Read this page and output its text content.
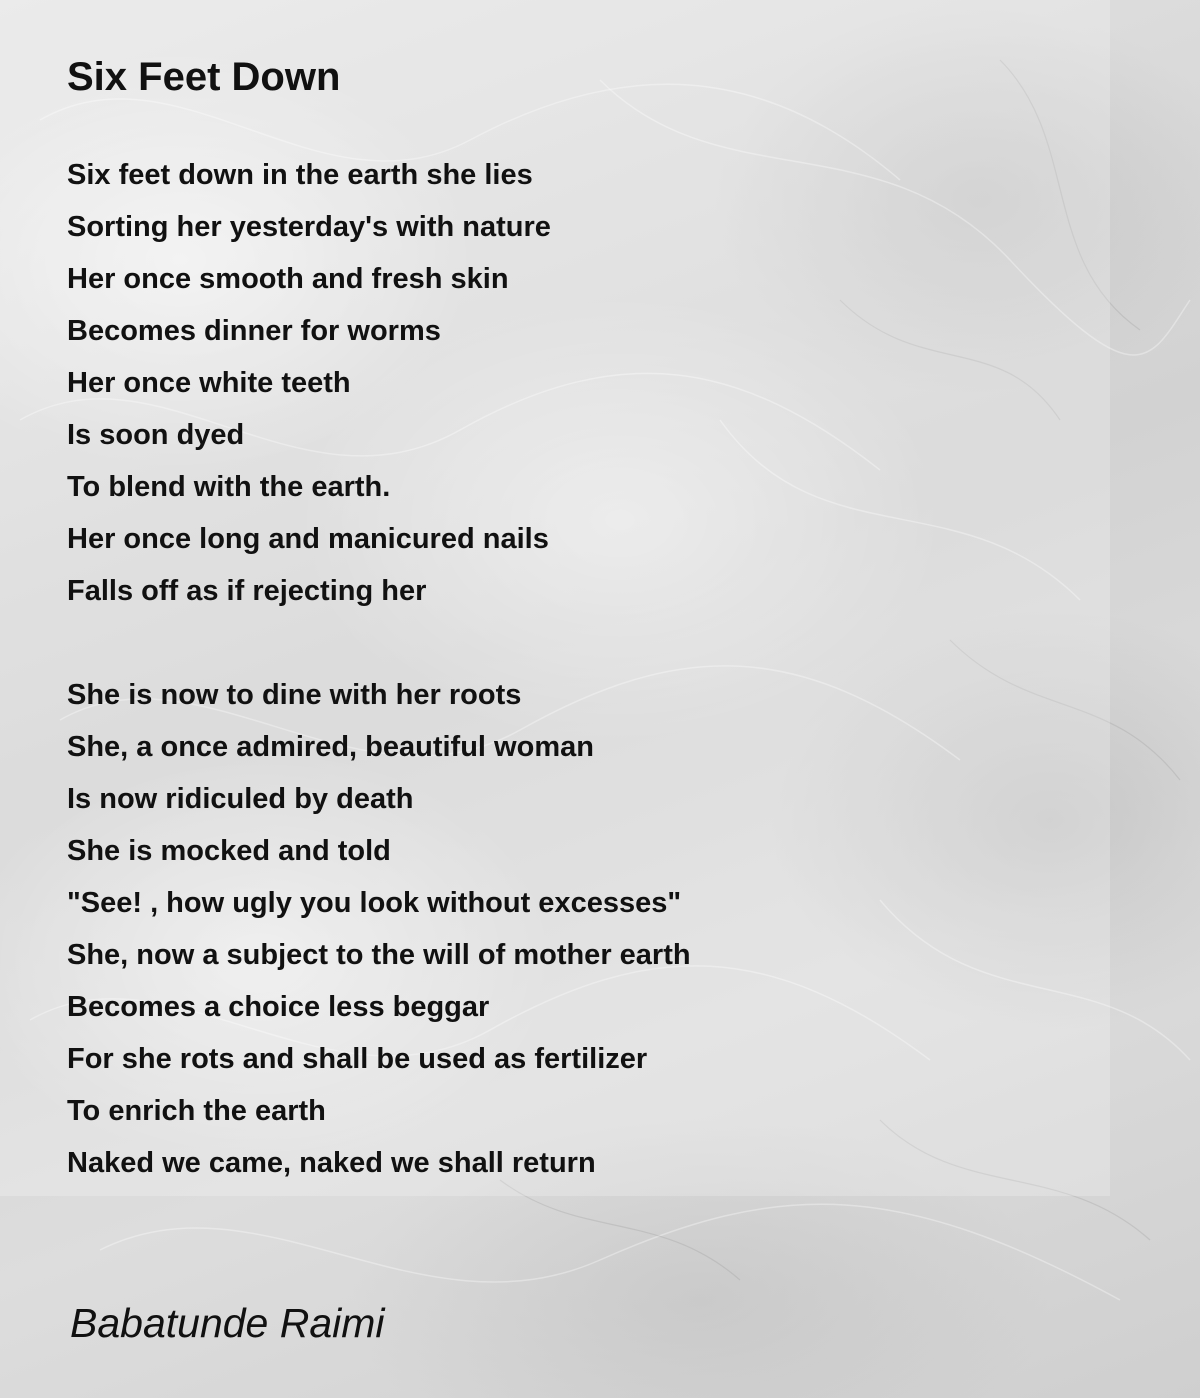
Six Feet Down
Six feet down in the earth she lies
Sorting her yesterday's with nature
Her once smooth and fresh skin
Becomes dinner for worms
Her once white teeth
Is soon dyed
To blend with the earth.
Her once long and manicured nails
Falls off as if rejecting her
She is now to dine with her roots
She, a once admired, beautiful woman
Is now ridiculed by death
She is mocked and told
"See! , how ugly you look without excesses"
She, now a subject to the will of mother earth
Becomes a choice less beggar
For she rots and shall be used as fertilizer
To enrich the earth
Naked we came, naked we shall return
Babatunde Raimi
